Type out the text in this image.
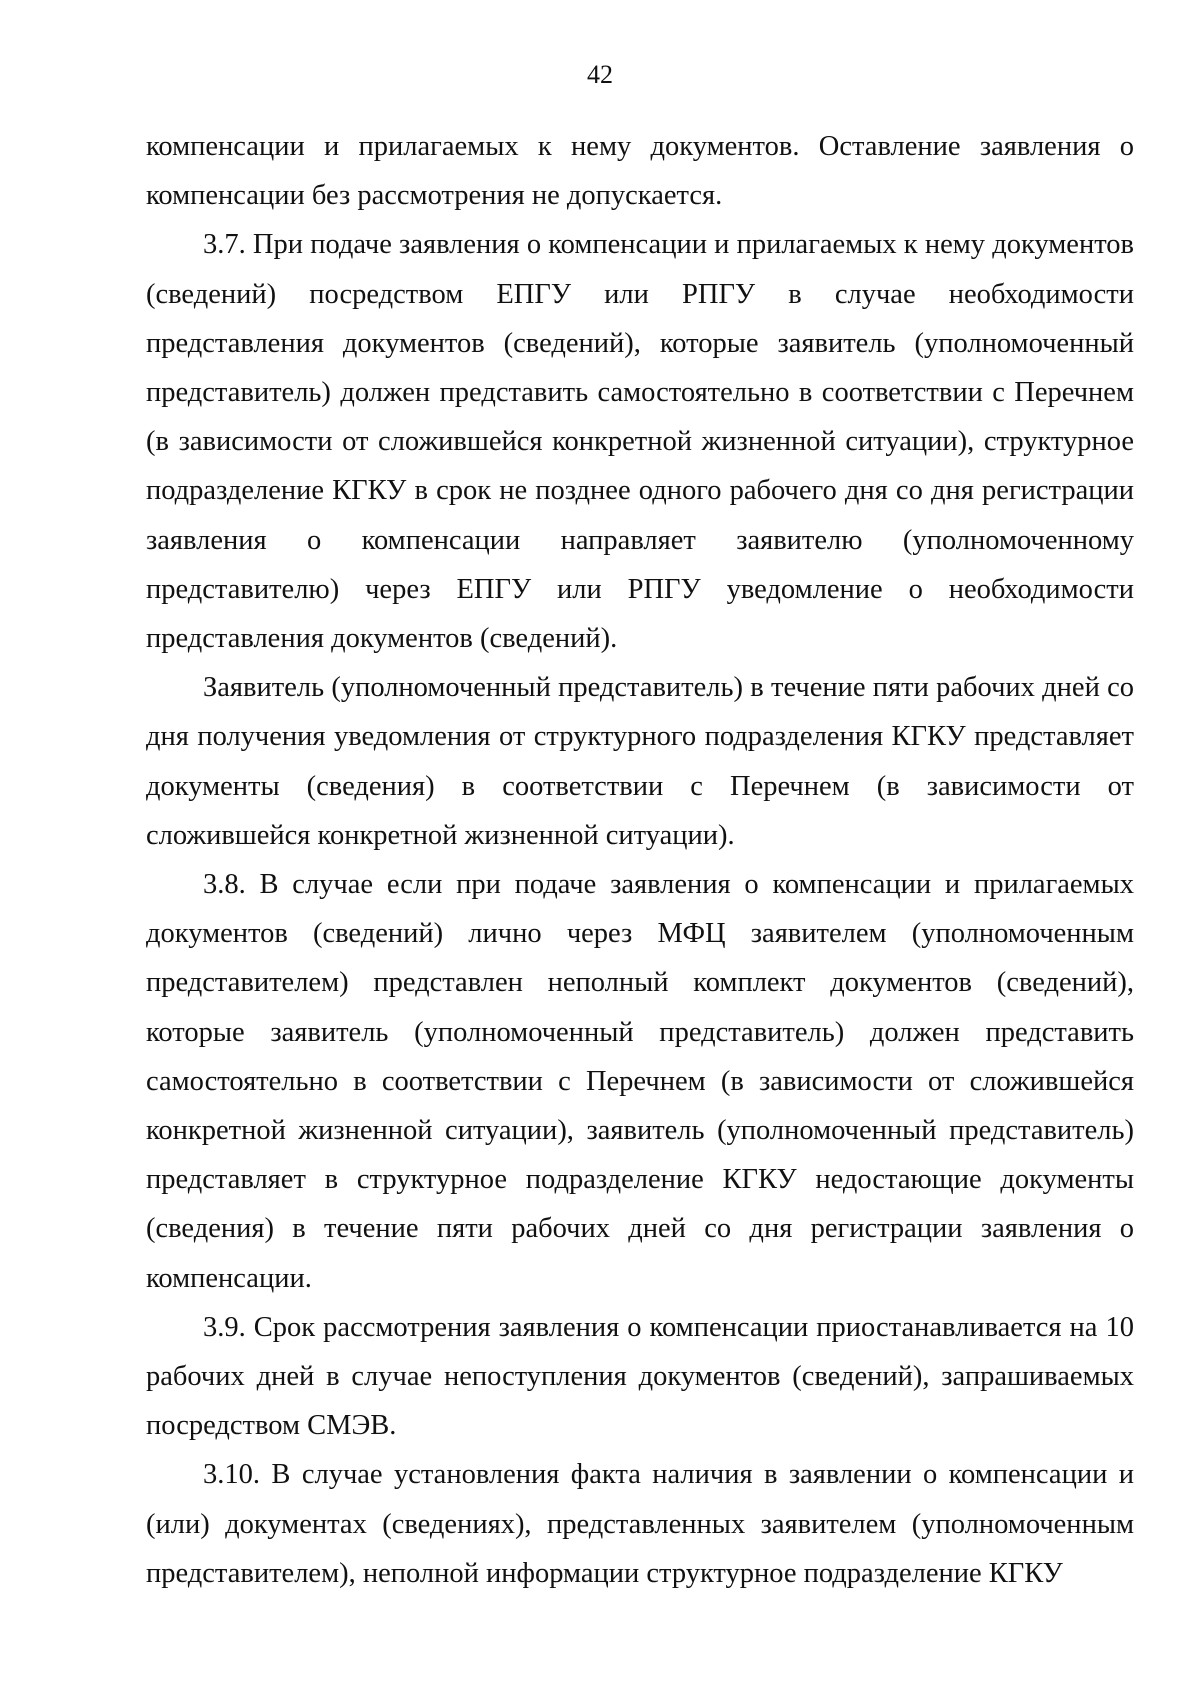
42

компенсации и прилагаемых к нему документов. Оставление заявления о компенсации без рассмотрения не допускается.

3.7. При подаче заявления о компенсации и прилагаемых к нему документов (сведений) посредством ЕПГУ или РПГУ в случае необходимости представления документов (сведений), которые заявитель (уполномоченный представитель) должен представить самостоятельно в соответствии с Перечнем (в зависимости от сложившейся конкретной жизненной ситуации), структурное подразделение КГКУ в срок не позднее одного рабочего дня со дня регистрации заявления о компенсации направляет заявителю (уполномоченному представителю) через ЕПГУ или РПГУ уведомление о необходимости представления документов (сведений).

Заявитель (уполномоченный представитель) в течение пяти рабочих дней со дня получения уведомления от структурного подразделения КГКУ представляет документы (сведения) в соответствии с Перечнем (в зависимости от сложившейся конкретной жизненной ситуации).

3.8. В случае если при подаче заявления о компенсации и прилагаемых документов (сведений) лично через МФЦ заявителем (уполномоченным представителем) представлен неполный комплект документов (сведений), которые заявитель (уполномоченный представитель) должен представить самостоятельно в соответствии с Перечнем (в зависимости от сложившейся конкретной жизненной ситуации), заявитель (уполномоченный представитель) представляет в структурное подразделение КГКУ недостающие документы (сведения) в течение пяти рабочих дней со дня регистрации заявления о компенсации.

3.9. Срок рассмотрения заявления о компенсации приостанавливается на 10 рабочих дней в случае непоступления документов (сведений), запрашиваемых посредством СМЭВ.

3.10. В случае установления факта наличия в заявлении о компенсации и (или) документах (сведениях), представленных заявителем (уполномоченным представителем), неполной информации структурное подразделение КГКУ
